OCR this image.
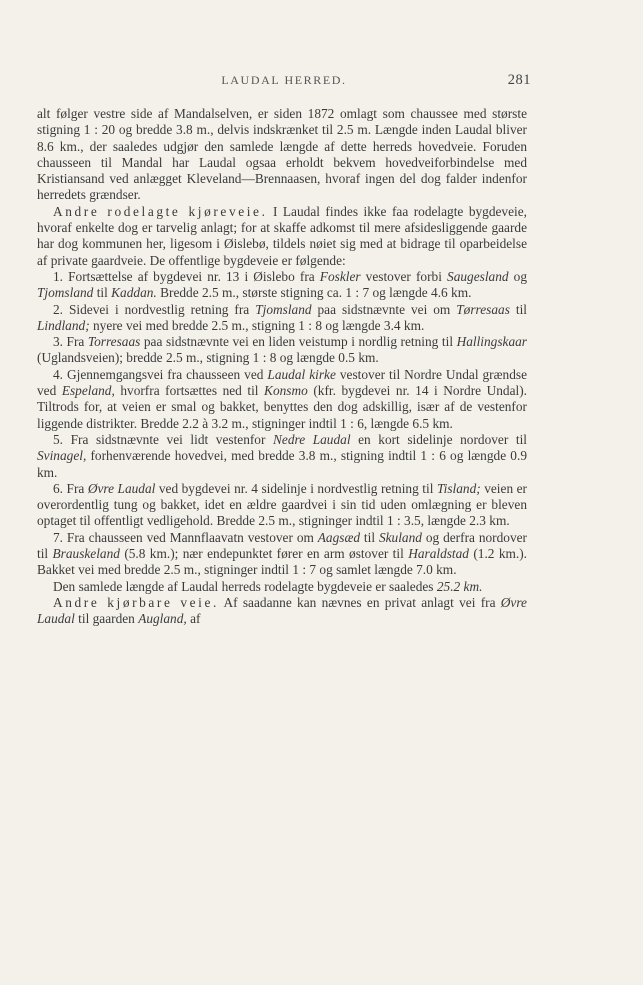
LAUDAL HERRED.	281

alt følger vestre side af Mandalselven, er siden 1872 omlagt som chaussee med største stigning 1 : 20 og bredde 3.8 m., delvis indskrænket til 2.5 m. Længde inden Laudal bliver 8.6 km., der saaledes udgjør den samlede længde af dette herreds hovedveie. Foruden chausseen til Mandal har Laudal ogsaa erholdt bekvem hovedveiforbindelse med Kristiansand ved anlægget Kleveland—Brennaasen, hvoraf ingen del dog falder indenfor herredets grændser.

Andre rodelagte kjøreveie. I Laudal findes ikke faa rodelagte bygdeveie, hvoraf enkelte dog er tarvelig anlagt; for at skaffe adkomst til mere afsidesliggende gaarde har dog kommunen her, ligesom i Øislebø, tildels nøiet sig med at bidrage til oparbeidelse af private gaardveie. De offentlige bygdeveie er følgende:

1. Fortsættelse af bygdevei nr. 13 i Øislebo fra Foskler vestover forbi Saugesland og Tjomsland til Kaddan. Bredde 2.5 m., største stigning ca. 1 : 7 og længde 4.6 km.

2. Sidevei i nordvestlig retning fra Tjomsland paa sidstnævnte vei om Tørresaas til Lindland; nyere vei med bredde 2.5 m., stigning 1 : 8 og længde 3.4 km.

3. Fra Torresaas paa sidstnævnte vei en liden veistump i nordlig retning til Hallingskaar (Uglandsveien); bredde 2.5 m., stigning 1 : 8 og længde 0.5 km.

4. Gjennemgangsvei fra chausseen ved Laudal kirke vestover til Nordre Undal grændse ved Espeland, hvorfra fortsættes ned til Konsmo (kfr. bygdevei nr. 14 i Nordre Undal). Tiltrods for, at veien er smal og bakket, benyttes den dog adskillig, især af de vestenfor liggende distrikter. Bredde 2.2 à 3.2 m., stigninger indtil 1 : 6, længde 6.5 km.

5. Fra sidstnævnte vei lidt vestenfor Nedre Laudal en kort sidelinje nordover til Svinagel, forhenværende hovedvei, med bredde 3.8 m., stigning indtil 1 : 6 og længde 0.9 km.

6. Fra Øvre Laudal ved bygdevei nr. 4 sidelinje i nordvestlig retning til Tisland; veien er overordentlig tung og bakket, idet en ældre gaardvei i sin tid uden omlægning er bleven optaget til offentligt vedligehold. Bredde 2.5 m., stigninger indtil 1 : 3.5, længde 2.3 km.

7. Fra chausseen ved Mannflaavatn vestover om Aagsæd til Skuland og derfra nordover til Brauskeland (5.8 km.); nær endepunktet fører en arm østover til Haraldstad (1.2 km.). Bakket vei med bredde 2.5 m., stigninger indtil 1 : 7 og samlet længde 7.0 km.

Den samlede længde af Laudal herreds rodelagte bygdeveie er saaledes 25.2 km.

Andre kjørbare veie. Af saadanne kan nævnes en privat anlagt vei fra Øvre Laudal til gaarden Augland, af
